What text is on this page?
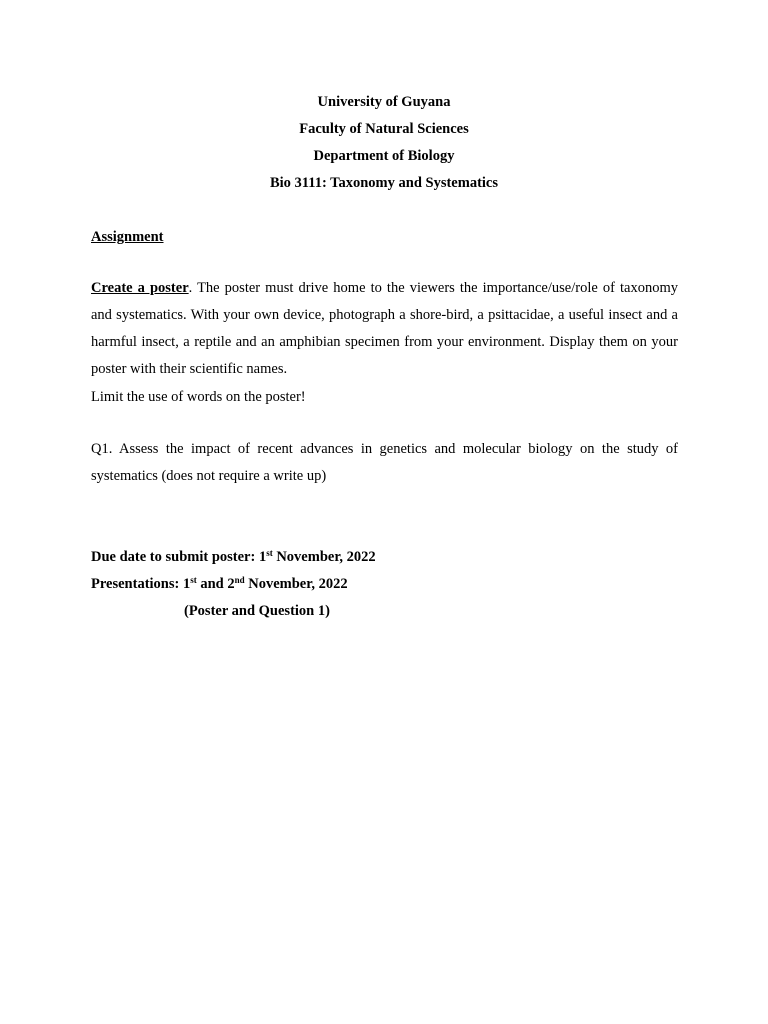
University of Guyana
Faculty of Natural Sciences
Department of Biology
Bio 3111: Taxonomy and Systematics
Assignment
Create a poster. The poster must drive home to the viewers the importance/use/role of taxonomy and systematics. With your own device, photograph a shore-bird, a psittacidae, a useful insect and a harmful insect, a reptile and an amphibian specimen from your environment. Display them on your poster with their scientific names.
Limit the use of words on the poster!
Q1. Assess the impact of recent advances in genetics and molecular biology on the study of systematics (does not require a write up)
Due date to submit poster: 1st November, 2022
Presentations: 1st and 2nd November, 2022
(Poster and Question 1)
